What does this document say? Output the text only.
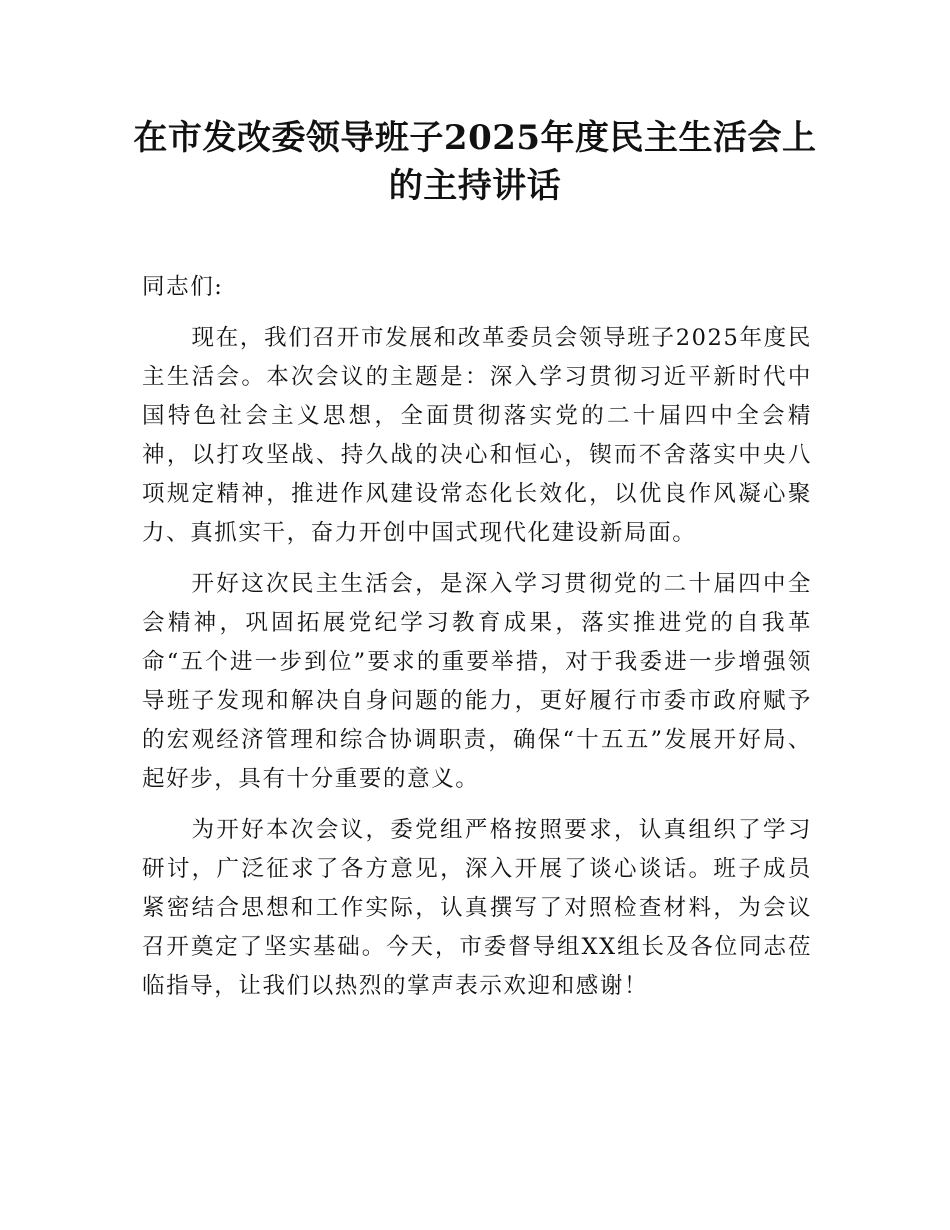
在市发改委领导班子2025年度民主生活会上
的主持讲话

同志们:

现在，我们召开市发展和改革委员会领导班子2025年度民主生活会。本次会议的主题是：深入学习贯彻习近平新时代中国特色社会主义思想，全面贯彻落实党的二十届四中全会精神，以打攻坚战、持久战的决心和恒心，锲而不舍落实中央八项规定精神，推进作风建设常态化长效化，以优良作风凝心聚力、真抓实干，奋力开创中国式现代化建设新局面。

开好这次民主生活会，是深入学习贯彻党的二十届四中全会精神，巩固拓展党纪学习教育成果，落实推进党的自我革命“五个进一步到位”要求的重要举措，对于我委进一步增强领导班子发现和解决自身问题的能力，更好履行市委市政府赋予的宏观经济管理和综合协调职责，确保“十五五”发展开好局、起好步，具有十分重要的意义。

为开好本次会议，委党组严格按照要求，认真组织了学习研讨，广泛征求了各方意见，深入开展了谈心谈话。班子成员紧密结合思想和工作实际，认真撰写了对照检查材料，为会议召开奠定了坚实基础。今天，市委督导组XX组长及各位同志莅临指导，让我们以热烈的掌声表示欢迎和感谢！
